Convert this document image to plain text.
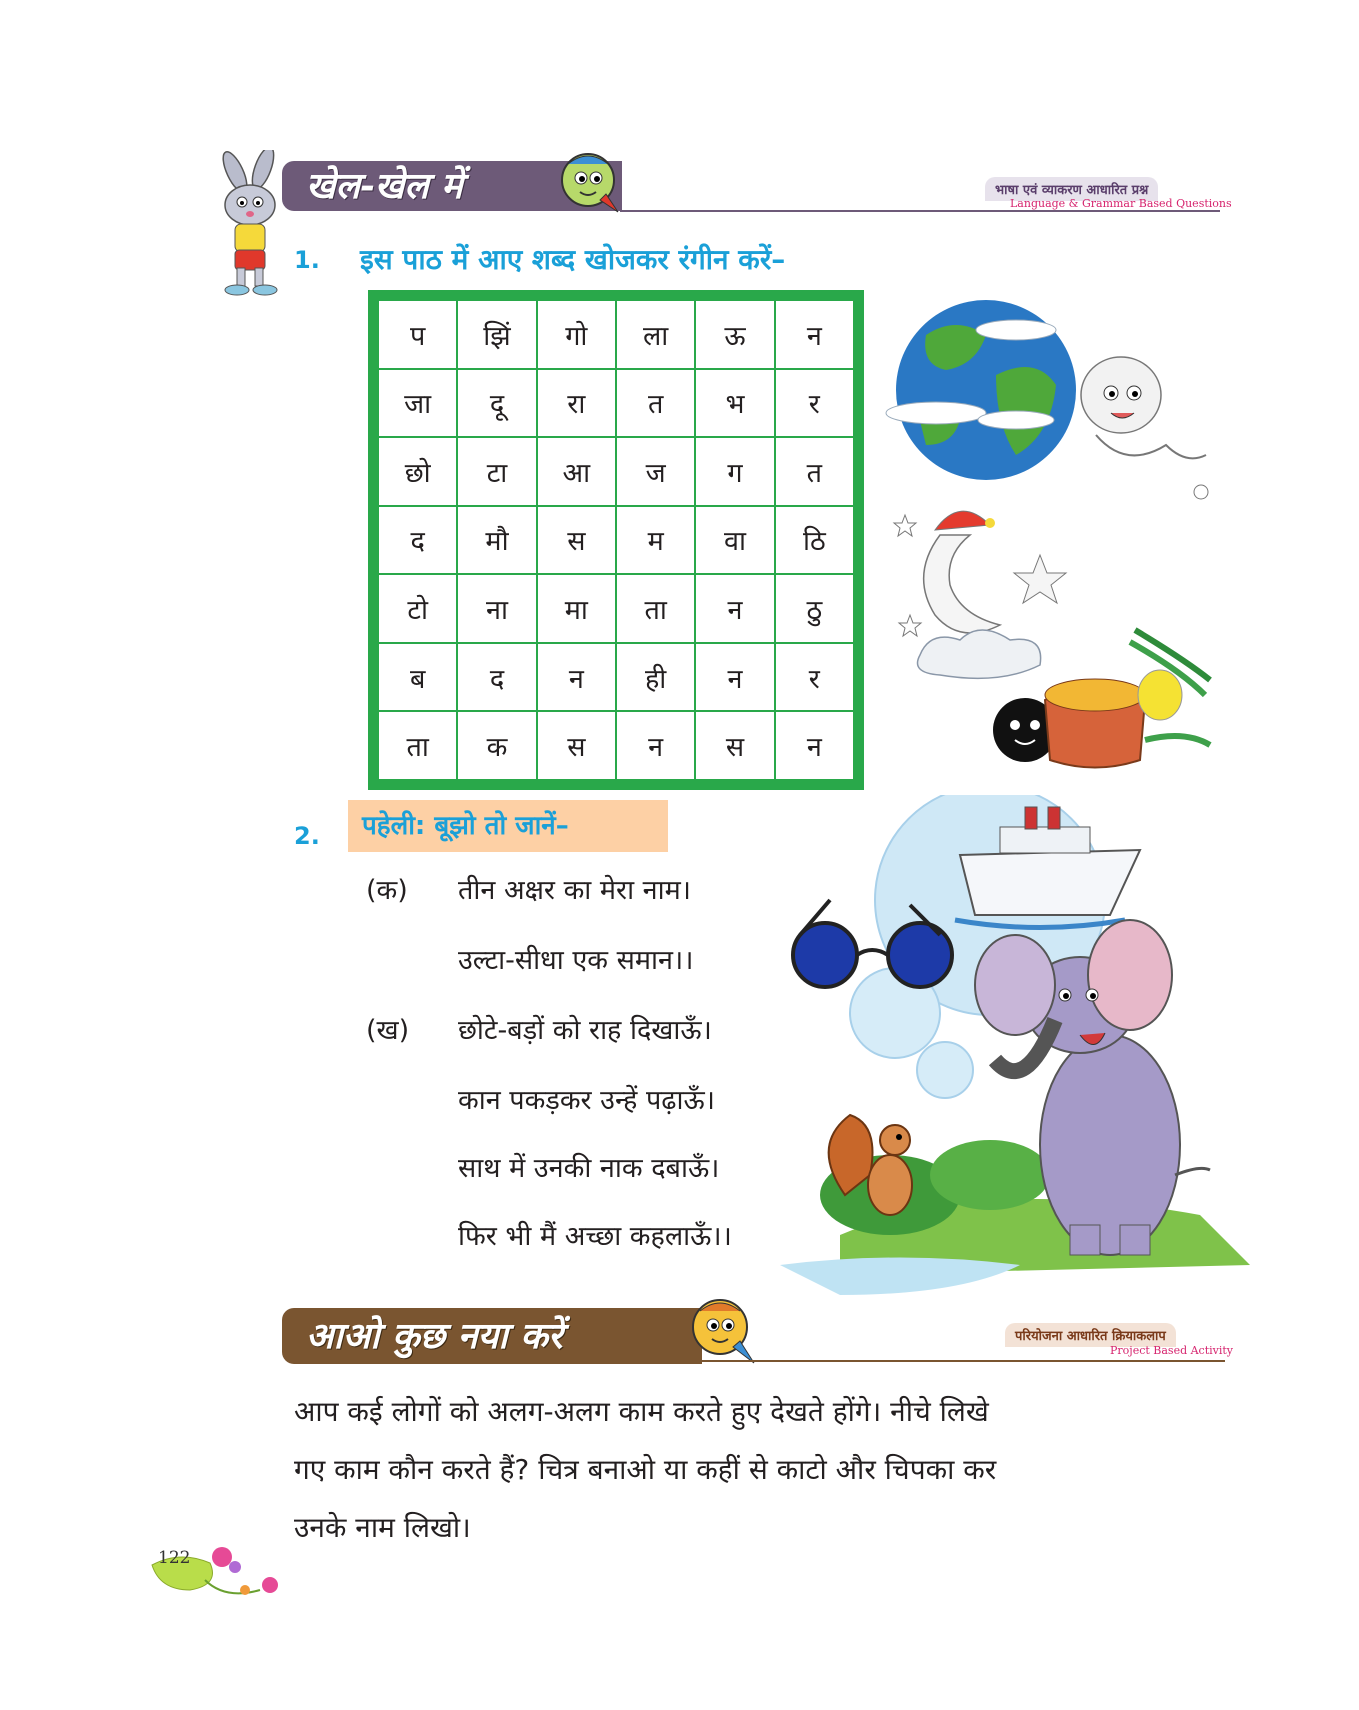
खेल-खेल में	भाषा एवं व्याकरण आधारित प्रश्न
Language & Grammar Based Questions
1. इस पाठ में आए शब्द खोजकर रंगीन करें–
प	झिं	गो	ला	ऊ	न
जा	दू	रा	त	भ	र
छो	टा	आ	ज	ग	त
द	मौ	स	म	वा	ठि
टो	ना	मा	ता	न	ठु
ब	द	न	ही	न	र
ता	क	स	न	स	न
2.	पहेली: बूझो तो जानें–
(क) तीन अक्षर का मेरा नाम।
उल्टा-सीधा एक समान।।
(ख) छोटे-बड़ों को राह दिखाऊँ।
कान पकड़कर उन्हें पढ़ाऊँ।
साथ में उनकी नाक दबाऊँ।
फिर भी मैं अच्छा कहलाऊँ।।
आओ कुछ नया करें	परियोजना आधारित क्रियाकलाप
Project Based Activity
आप कई लोगों को अलग-अलग काम करते हुए देखते होंगे। नीचे लिखे
गए काम कौन करते हैं? चित्र बनाओ या कहीं से काटो और चिपका कर
उनके नाम लिखो।
122
